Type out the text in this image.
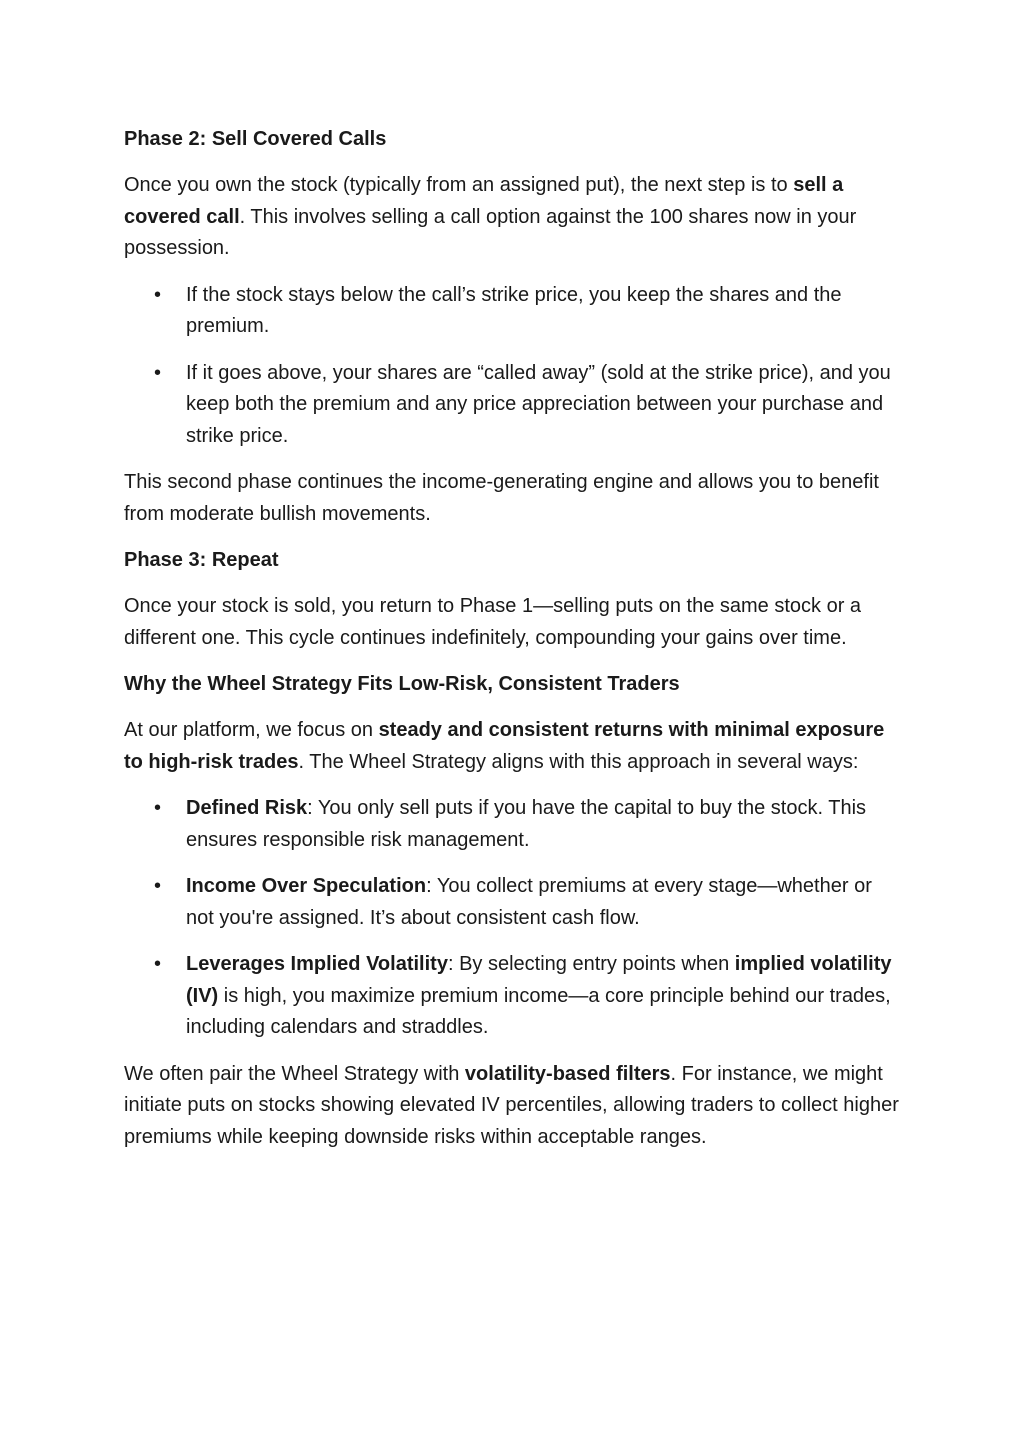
Phase 2: Sell Covered Calls

Once you own the stock (typically from an assigned put), the next step is to sell a covered call. This involves selling a call option against the 100 shares now in your possession.

• If the stock stays below the call’s strike price, you keep the shares and the premium.
• If it goes above, your shares are “called away” (sold at the strike price), and you keep both the premium and any price appreciation between your purchase and strike price.

This second phase continues the income-generating engine and allows you to benefit from moderate bullish movements.

Phase 3: Repeat

Once your stock is sold, you return to Phase 1—selling puts on the same stock or a different one. This cycle continues indefinitely, compounding your gains over time.

Why the Wheel Strategy Fits Low-Risk, Consistent Traders

At our platform, we focus on steady and consistent returns with minimal exposure to high-risk trades. The Wheel Strategy aligns with this approach in several ways:

• Defined Risk: You only sell puts if you have the capital to buy the stock. This ensures responsible risk management.
• Income Over Speculation: You collect premiums at every stage—whether or not you're assigned. It’s about consistent cash flow.
• Leverages Implied Volatility: By selecting entry points when implied volatility (IV) is high, you maximize premium income—a core principle behind our trades, including calendars and straddles.

We often pair the Wheel Strategy with volatility-based filters. For instance, we might initiate puts on stocks showing elevated IV percentiles, allowing traders to collect higher premiums while keeping downside risks within acceptable ranges.
